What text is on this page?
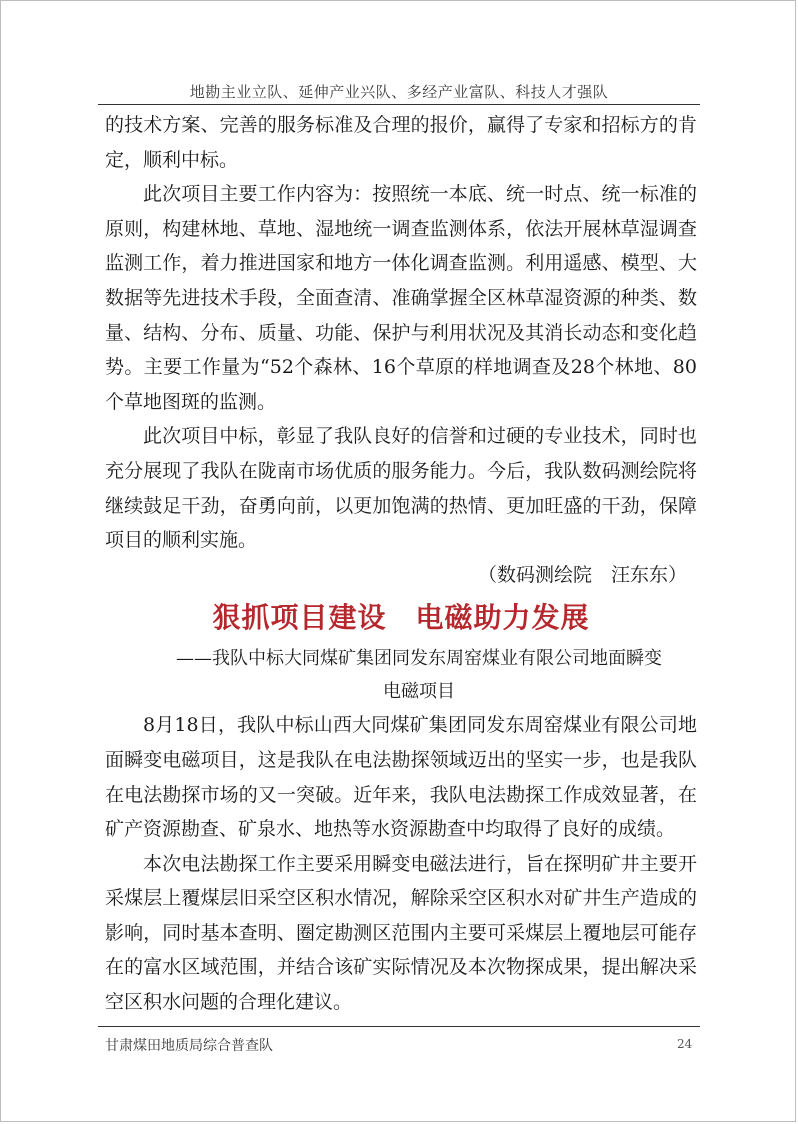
地勘主业立队、延伸产业兴队、多经产业富队、科技人才强队

的技术方案、完善的服务标准及合理的报价，赢得了专家和招标方的肯定，顺利中标。

此次项目主要工作内容为：按照统一本底、统一时点、统一标准的原则，构建林地、草地、湿地统一调查监测体系，依法开展林草湿调查监测工作，着力推进国家和地方一体化调查监测。利用遥感、模型、大数据等先进技术手段，全面查清、准确掌握全区林草湿资源的种类、数量、结构、分布、质量、功能、保护与利用状况及其消长动态和变化趋势。主要工作量为“52个森林、16个草原的样地调查及28个林地、80个草地图斑的监测。

此次项目中标，彰显了我队良好的信誉和过硬的专业技术，同时也充分展现了我队在陇南市场优质的服务能力。今后，我队数码测绘院将继续鼓足干劲，奋勇向前，以更加饱满的热情、更加旺盛的干劲，保障项目的顺利实施。

（数码测绘院　汪东东）

狠抓项目建设　电磁助力发展

——我队中标大同煤矿集团同发东周窑煤业有限公司地面瞬变

电磁项目

8月18日，我队中标山西大同煤矿集团同发东周窑煤业有限公司地面瞬变电磁项目，这是我队在电法勘探领域迈出的坚实一步，也是我队在电法勘探市场的又一突破。近年来，我队电法勘探工作成效显著，在矿产资源勘查、矿泉水、地热等水资源勘查中均取得了良好的成绩。

本次电法勘探工作主要采用瞬变电磁法进行，旨在探明矿井主要开采煤层上覆煤层旧采空区积水情况，解除采空区积水对矿井生产造成的影响，同时基本查明、圈定勘测区范围内主要可采煤层上覆地层可能存在的富水区域范围，并结合该矿实际情况及本次物探成果，提出解决采空区积水问题的合理化建议。

甘肃煤田地质局综合普查队	24
